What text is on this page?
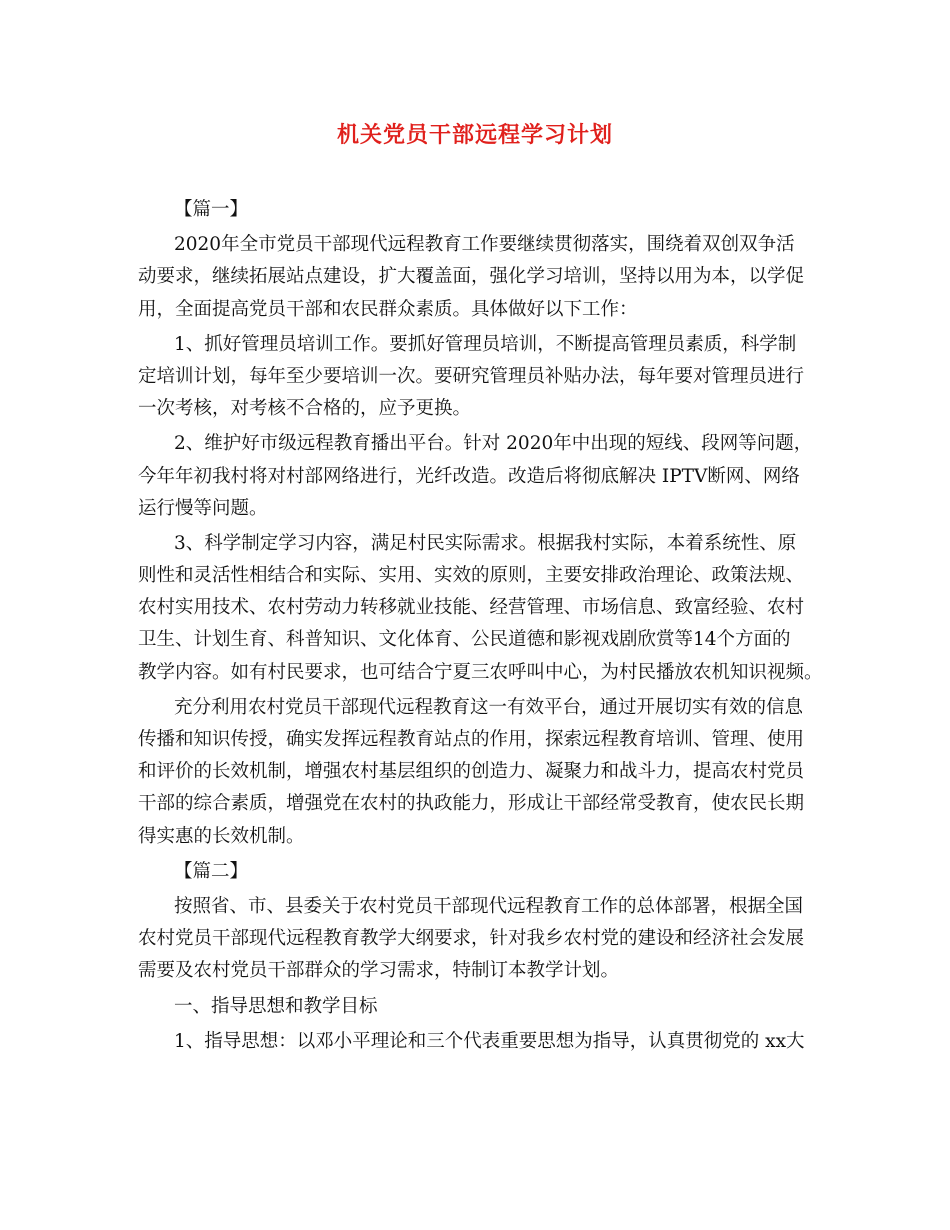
机关党员干部远程学习计划
【篇一】
2020年全市党员干部现代远程教育工作要继续贯彻落实，围绕着双创双争活
动要求，继续拓展站点建设，扩大覆盖面，强化学习培训，坚持以用为本，以学促
用，全面提高党员干部和农民群众素质。具体做好以下工作：
1、抓好管理员培训工作。要抓好管理员培训，不断提高管理员素质，科学制
定培训计划，每年至少要培训一次。要研究管理员补贴办法，每年要对管理员进行
一次考核，对考核不合格的，应予更换。
2、维护好市级远程教育播出平台。针对 2020年中出现的短线、段网等问题，
今年年初我村将对村部网络进行，光纤改造。改造后将彻底解决 IPTV断网、网络
运行慢等问题。
3、科学制定学习内容，满足村民实际需求。根据我村实际，本着系统性、原
则性和灵活性相结合和实际、实用、实效的原则，主要安排政治理论、政策法规、
农村实用技术、农村劳动力转移就业技能、经营管理、市场信息、致富经验、农村
卫生、计划生育、科普知识、文化体育、公民道德和影视戏剧欣赏等14个方面的
教学内容。如有村民要求，也可结合宁夏三农呼叫中心，为村民播放农机知识视频。
充分利用农村党员干部现代远程教育这一有效平台，通过开展切实有效的信息
传播和知识传授，确实发挥远程教育站点的作用，探索远程教育培训、管理、使用
和评价的长效机制，增强农村基层组织的创造力、凝聚力和战斗力，提高农村党员
干部的综合素质，增强党在农村的执政能力，形成让干部经常受教育，使农民长期
得实惠的长效机制。
【篇二】
按照省、市、县委关于农村党员干部现代远程教育工作的总体部署，根据全国
农村党员干部现代远程教育教学大纲要求，针对我乡农村党的建设和经济社会发展
需要及农村党员干部群众的学习需求，特制订本教学计划。
一、指导思想和教学目标
1、指导思想：以邓小平理论和三个代表重要思想为指导，认真贯彻党的 xx大
